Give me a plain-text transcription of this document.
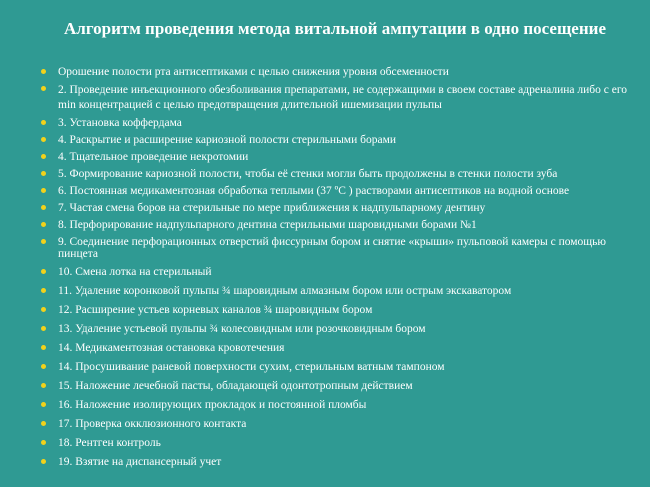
Алгоритм проведения метода витальной ампутации в одно посещение
Орошение полости рта антисептиками с целью снижения уровня обсеменности
2. Проведение инъекционного обезболивания препаратами, не содержащими в своем составе адреналина либо с его min концентрацией с целью предотвращения длительной ишемизации пульпы
3. Установка коффердама
4. Раскрытие и расширение кариозной полости стерильными борами
4. Тщательное проведение некротомии
5. Формирование кариозной полости, чтобы её стенки могли быть продолжены в стенки полости зуба
6. Постоянная медикаментозная обработка теплыми (37 ºC ) растворами антисептиков на водной основе
7. Частая смена боров на стерильные по мере приближения к надпульпарному дентину
8. Перфорирование надпульпарного дентина стерильными шаровидными борами №1
9. Соединение перфорационных отверстий фиссурным бором и снятие «крыши» пульповой камеры с помощью пинцета
10. Смена лотка на стерильный
11. Удаление коронковой пульпы ¾ шаровидным алмазным бором или острым экскаватором
12. Расширение устьев корневых каналов ¾ шаровидным бором
13. Удаление устьевой пульпы ¾ колесовидным или розочковидным бором
14. Медикаментозная остановка кровотечения
14. Просушивание раневой поверхности сухим, стерильным ватным тампоном
15. Наложение лечебной пасты, обладающей одонтотропным действием
16. Наложение изолирующих прокладок и постоянной пломбы
17. Проверка окклюзионного контакта
18. Рентген контроль
19. Взятие на диспансерный учет
